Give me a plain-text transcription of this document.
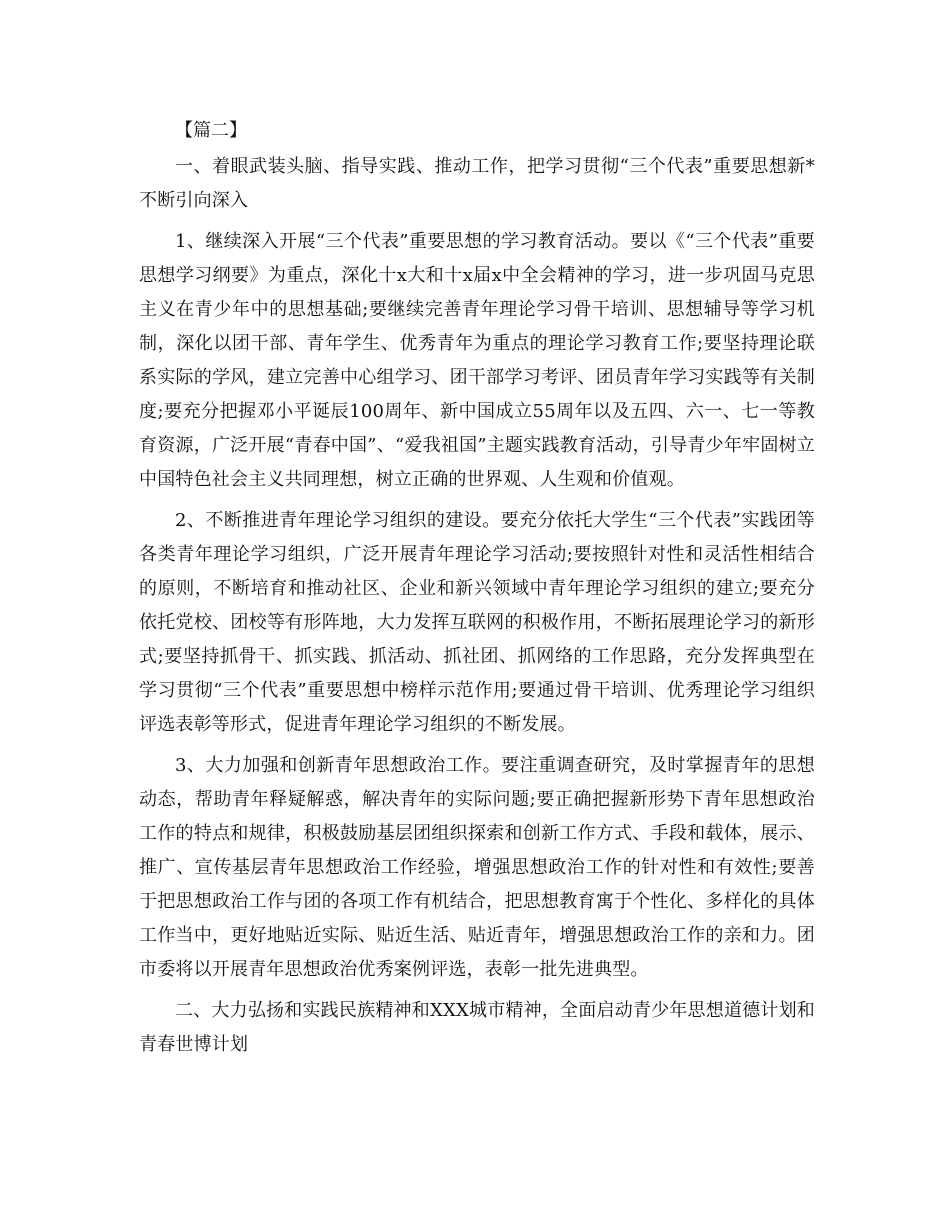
【篇二】

一、着眼武装头脑、指导实践、推动工作，把学习贯彻“三个代表”重要思想新*不断引向深入

1、继续深入开展“三个代表”重要思想的学习教育活动。要以《“三个代表”重要思想学习纲要》为重点，深化十x大和十x届x中全会精神的学习，进一步巩固马克思主义在青少年中的思想基础;要继续完善青年理论学习骨干培训、思想辅导等学习机制，深化以团干部、青年学生、优秀青年为重点的理论学习教育工作;要坚持理论联系实际的学风，建立完善中心组学习、团干部学习考评、团员青年学习实践等有关制度;要充分把握邓小平诞辰100周年、新中国成立55周年以及五四、六一、七一等教育资源，广泛开展“青春中国”、“爱我祖国”主题实践教育活动，引导青少年牢固树立中国特色社会主义共同理想，树立正确的世界观、人生观和价值观。

2、不断推进青年理论学习组织的建设。要充分依托大学生“三个代表”实践团等各类青年理论学习组织，广泛开展青年理论学习活动;要按照针对性和灵活性相结合的原则，不断培育和推动社区、企业和新兴领域中青年理论学习组织的建立;要充分依托党校、团校等有形阵地，大力发挥互联网的积极作用，不断拓展理论学习的新形式;要坚持抓骨干、抓实践、抓活动、抓社团、抓网络的工作思路，充分发挥典型在学习贯彻“三个代表”重要思想中榜样示范作用;要通过骨干培训、优秀理论学习组织评选表彰等形式，促进青年理论学习组织的不断发展。

3、大力加强和创新青年思想政治工作。要注重调查研究，及时掌握青年的思想动态，帮助青年释疑解惑，解决青年的实际问题;要正确把握新形势下青年思想政治工作的特点和规律，积极鼓励基层团组织探索和创新工作方式、手段和载体，展示、推广、宣传基层青年思想政治工作经验，增强思想政治工作的针对性和有效性;要善于把思想政治工作与团的各项工作有机结合，把思想教育寓于个性化、多样化的具体工作当中，更好地贴近实际、贴近生活、贴近青年，增强思想政治工作的亲和力。团市委将以开展青年思想政治优秀案例评选，表彰一批先进典型。

二、大力弘扬和实践民族精神和XXX城市精神，全面启动青少年思想道德计划和青春世博计划
